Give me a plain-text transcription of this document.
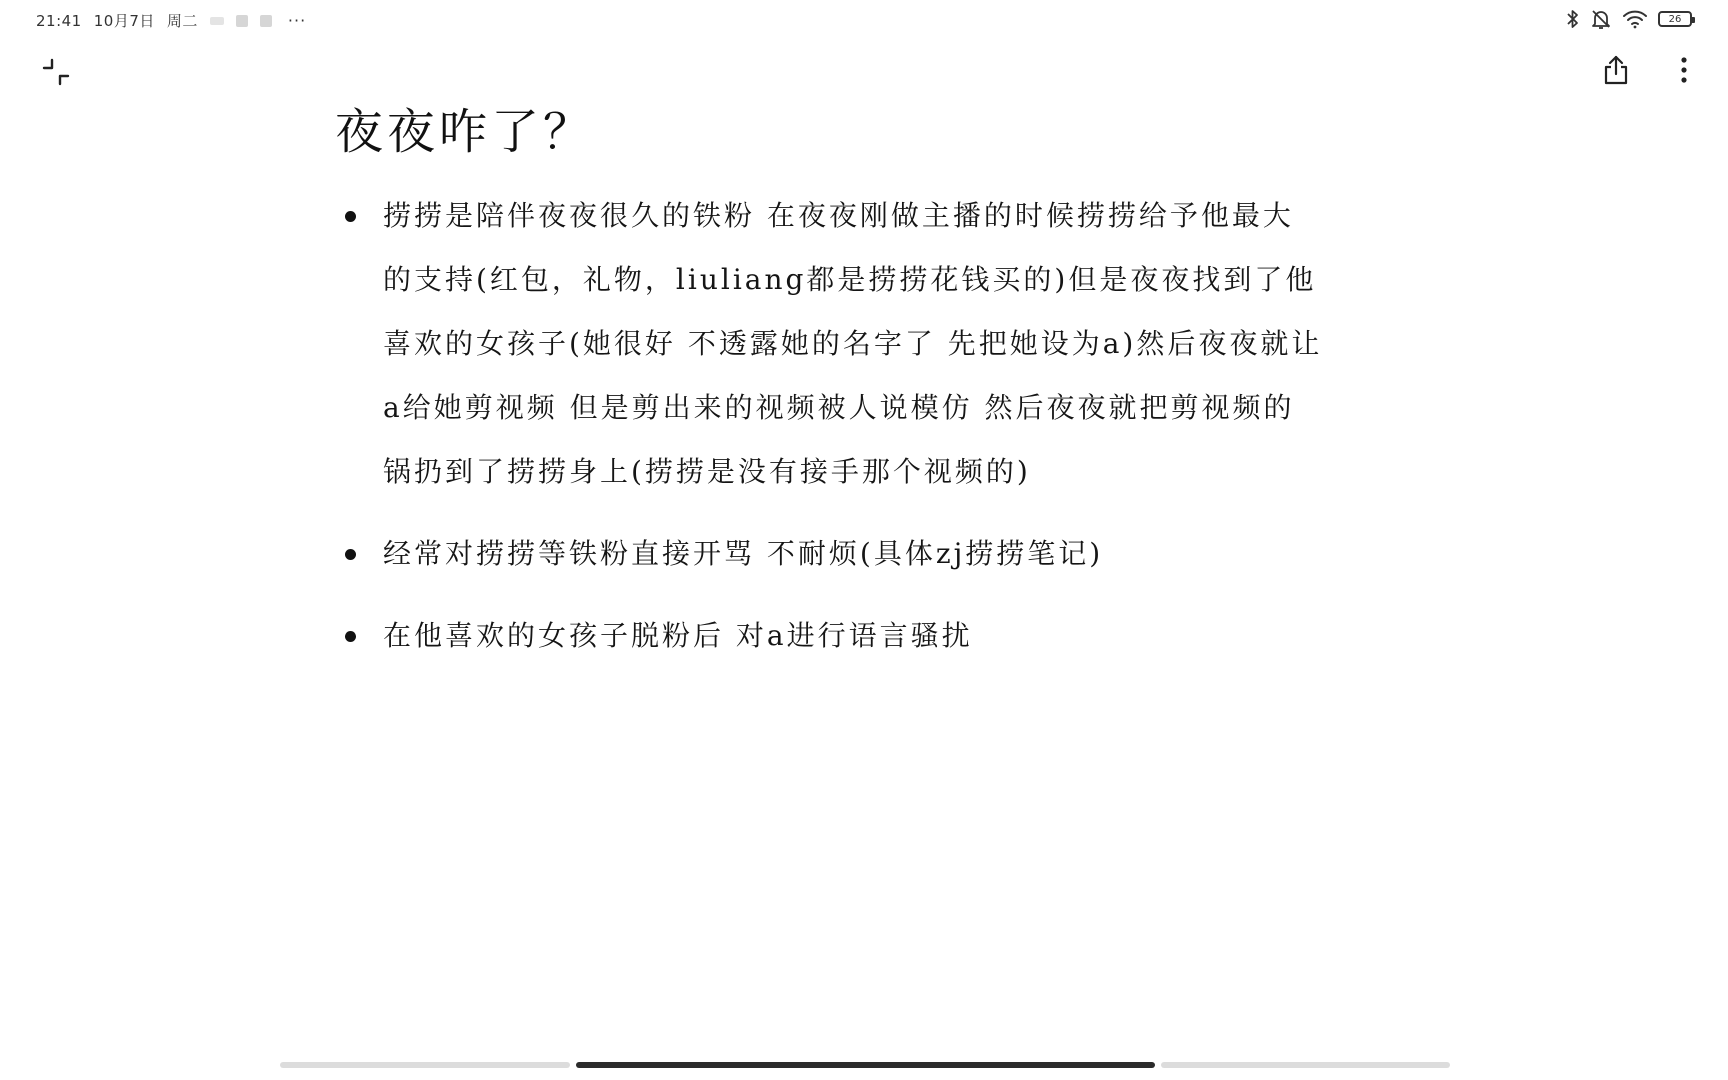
21:41 10月7日 周二	···	26
夜夜咋了？
捞捞是陪伴夜夜很久的铁粉 在夜夜刚做主播的时候捞捞给予他最大的支持(红包，礼物，liuliang都是捞捞花钱买的)但是夜夜找到了他喜欢的女孩子(她很好 不透露她的名字了 先把她设为a)然后夜夜就让a给她剪视频 但是剪出来的视频被人说模仿 然后夜夜就把剪视频的锅扔到了捞捞身上(捞捞是没有接手那个视频的)
经常对捞捞等铁粉直接开骂 不耐烦(具体zj捞捞笔记)
在他喜欢的女孩子脱粉后 对a进行语言骚扰
